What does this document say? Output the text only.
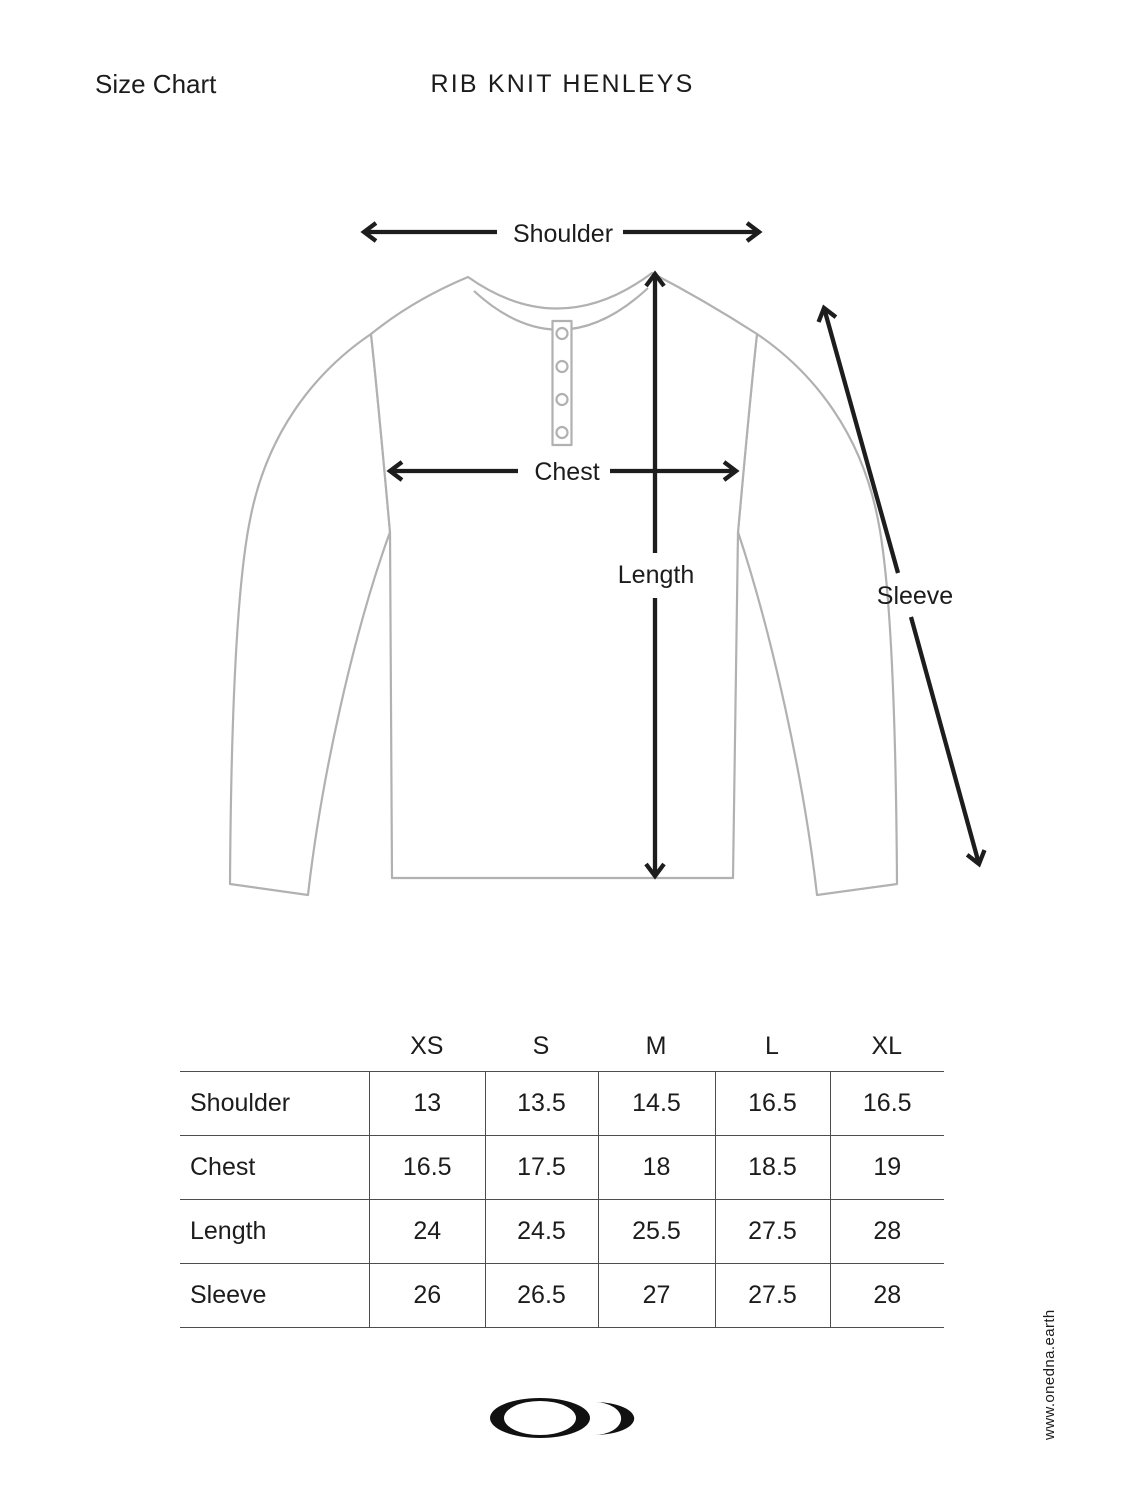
Size Chart	RIB KNIT HENLEYS
Shoulder
Chest
Length
Sleeve
XS	S	M	L	XL
Shoulder	13	13.5	14.5	16.5	16.5
Chest	16.5	17.5	18	18.5	19
Length	24	24.5	25.5	27.5	28
Sleeve	26	26.5	27	27.5	28
www.onedna.earth
